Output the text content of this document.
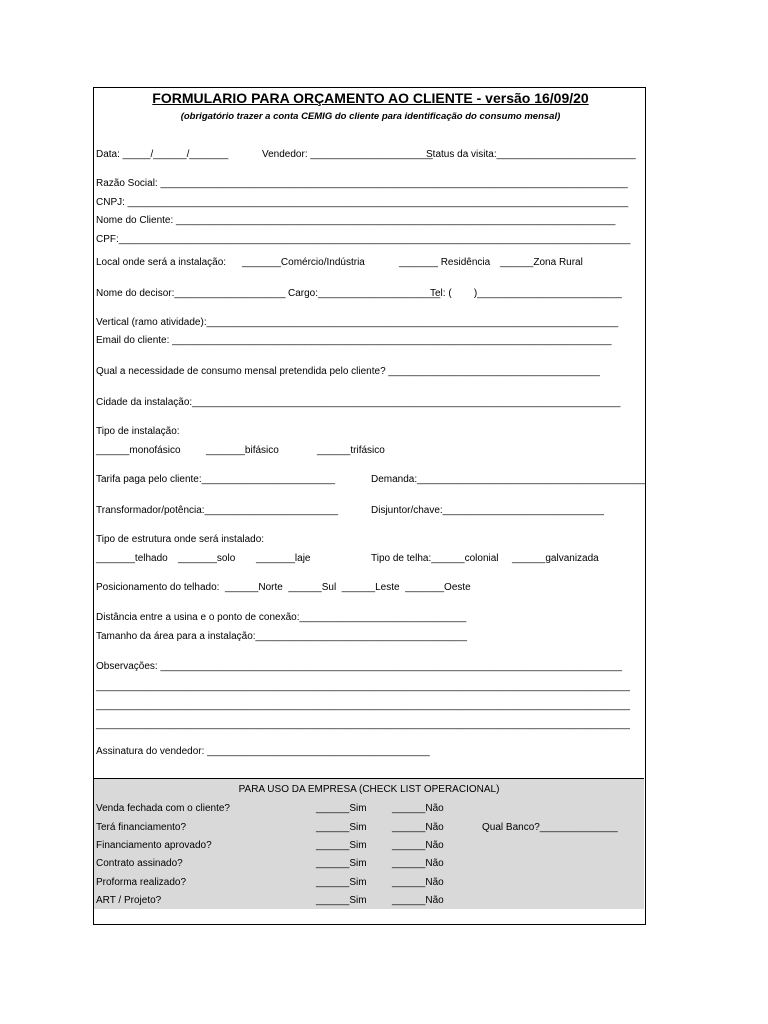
FORMULARIO PARA ORÇAMENTO AO CLIENTE - versão 16/09/20
(obrigatório trazer a conta CEMIG do cliente para identificação do consumo mensal)
Data: _____/______/_______	Vendedor: ______________________
Status da visita:_________________________
Razão Social: ____________________________________________________________________________________
CNPJ: __________________________________________________________________________________________
Nome do Cliente: _______________________________________________________________________________
CPF:____________________________________________________________________________________________
Local onde será a instalação: _______Comércio/Indústria	_______ Residência ______Zona Rural
Nome do decisor:____________________ Cargo:______________________
Tel: (        )__________________________
Vertical (ramo atividade):__________________________________________________________________________
Email do cliente: _______________________________________________________________________________
Qual a necessidade de consumo mensal pretendida pelo cliente? ______________________________________
Cidade da instalação:_____________________________________________________________________________
Tipo de instalação:
______monofásico	_______bifásico	______trifásico
Tarifa paga pelo cliente:________________________	Demanda:_________________________________________
Transformador/potência:________________________	Disjuntor/chave:_____________________________
Tipo de estrutura onde será instalado:
_______telhado _______solo _______laje	Tipo de telha:______colonial ______galvanizada
Posicionamento do telhado:  ______Norte  ______Sul  ______Leste  _______Oeste
Distância entre a usina e o ponto de conexão:______________________________
Tamanho da área para a instalação:______________________________________
Observações: ___________________________________________________________________________________
________________________________________________________________________________________________
________________________________________________________________________________________________
________________________________________________________________________________________________
Assinatura do vendedor: ________________________________________
PARA USO DA EMPRESA (CHECK LIST OPERACIONAL)
Venda fechada com o cliente?	______Sim	______Não
Terá financiamento?	______Sim	______Não	Qual Banco?______________
Financiamento aprovado?	______Sim	______Não
Contrato assinado?	______Sim	______Não
Proforma realizado?	______Sim	______Não
ART / Projeto?	______Sim	______Não
